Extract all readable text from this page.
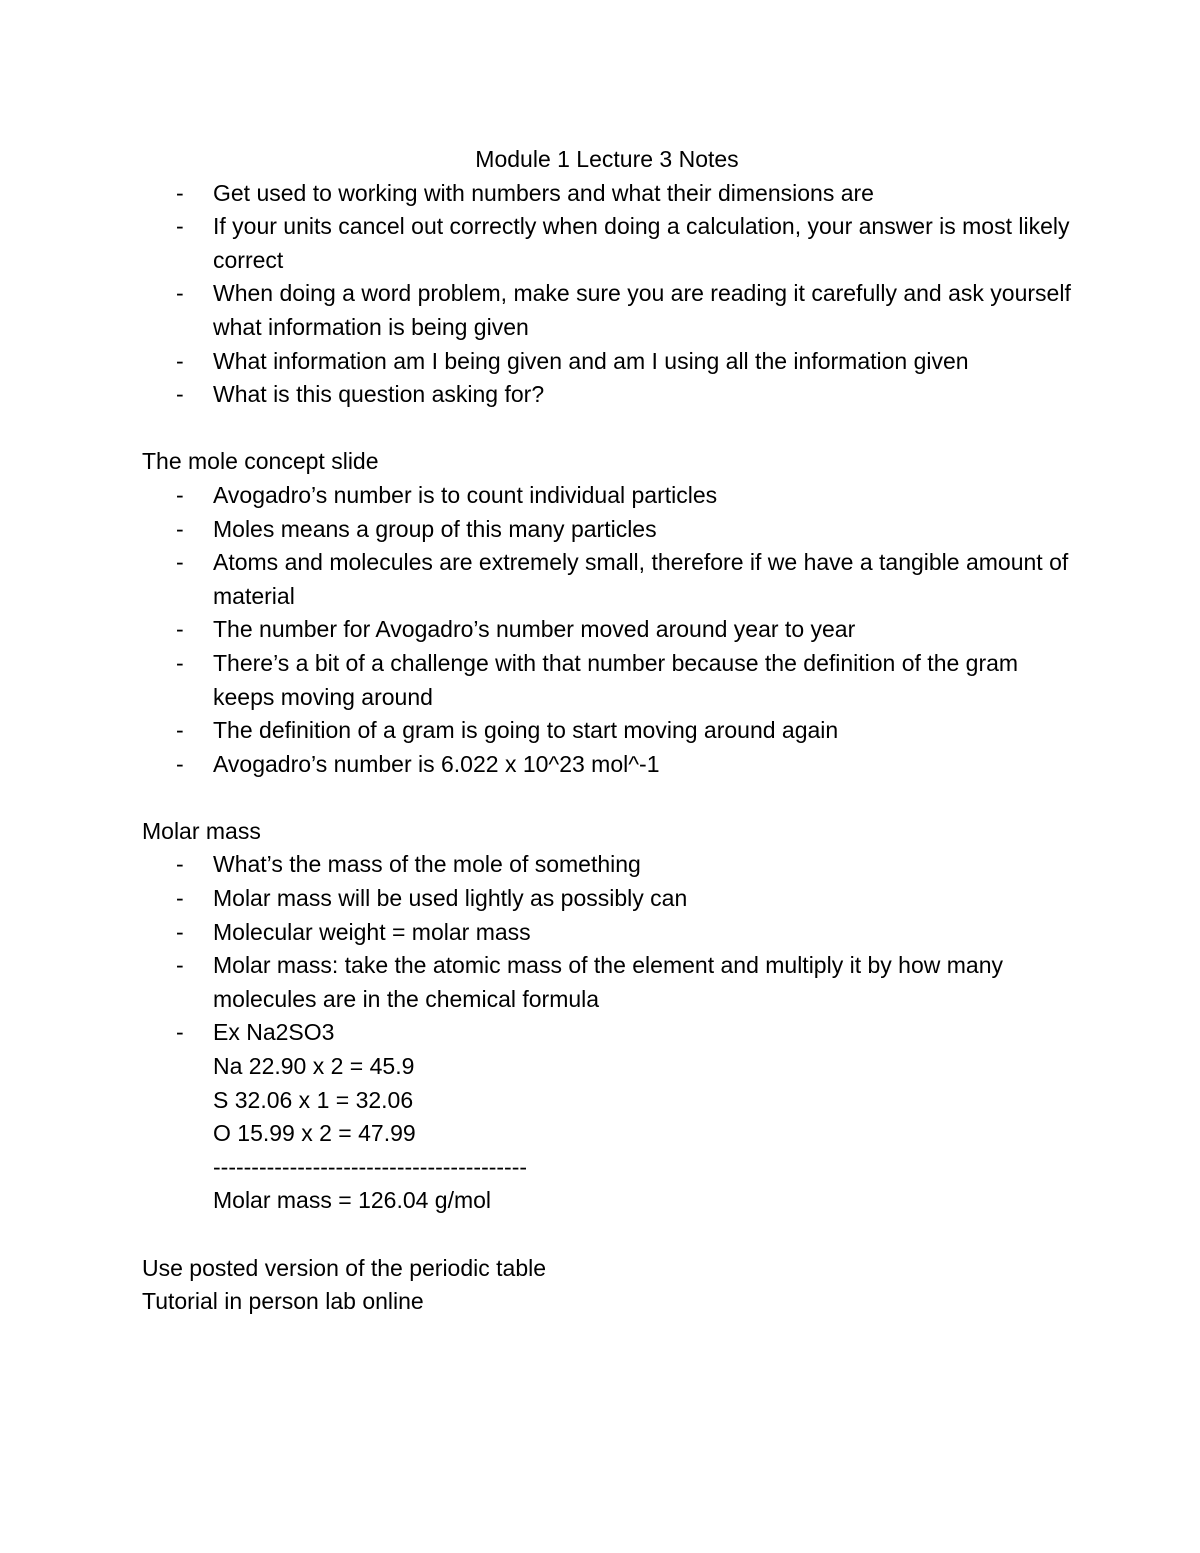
Module 1 Lecture 3 Notes

- Get used to working with numbers and what their dimensions are
- If your units cancel out correctly when doing a calculation, your answer is most likely correct
- When doing a word problem, make sure you are reading it carefully and ask yourself what information is being given
- What information am I being given and am I using all the information given
- What is this question asking for?

The mole concept slide

- Avogadro’s number is to count individual particles
- Moles means a group of this many particles
- Atoms and molecules are extremely small, therefore if we have a tangible amount of material
- The number for Avogadro’s number moved around year to year
- There’s a bit of a challenge with that number because the definition of the gram keeps moving around
- The definition of a gram is going to start moving around again
- Avogadro’s number is 6.022 x 10^23 mol^-1

Molar mass

- What’s the mass of the mole of something
- Molar mass will be used lightly as possibly can
- Molecular weight = molar mass
- Molar mass: take the atomic mass of the element and multiply it by how many molecules are in the chemical formula
- Ex Na2SO3
Na 22.90 x 2 = 45.9
S 32.06 x 1 = 32.06
O 15.99 x 2 = 47.99
-----------------------------------------
Molar mass = 126.04 g/mol

Use posted version of the periodic table

Tutorial in person lab online
